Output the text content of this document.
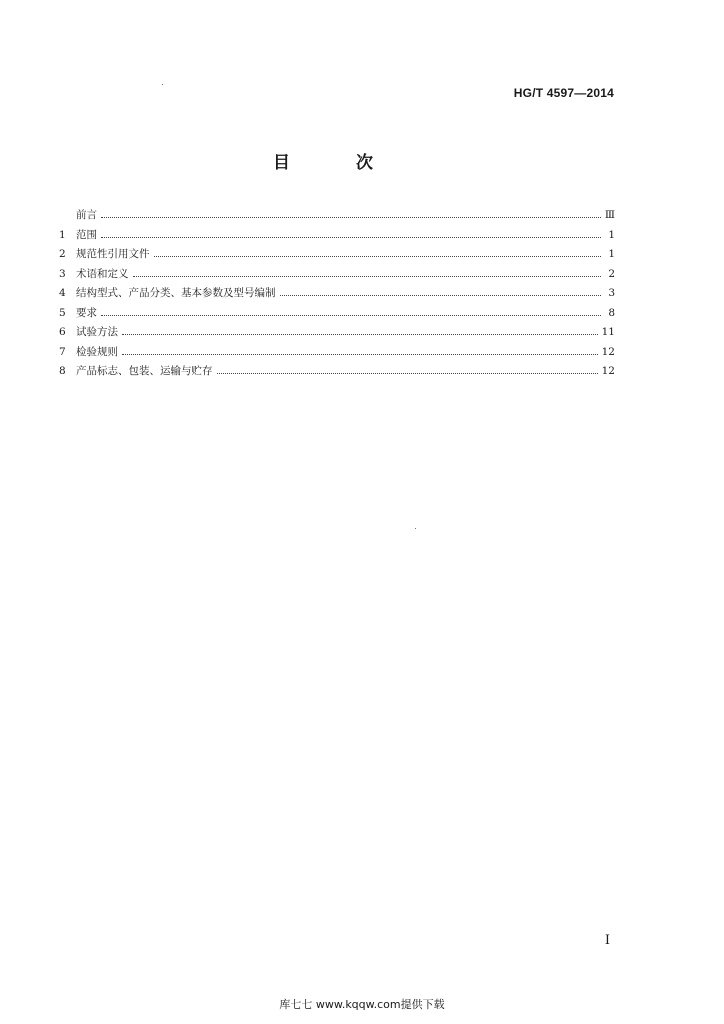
HG/T 4597—2014
目 次
前言	Ⅲ
1 范围	1
2 规范性引用文件	1
3 术语和定义	2
4 结构型式、产品分类、基本参数及型号编制	3
5 要求	8
6 试验方法	11
7 检验规则	12
8 产品标志、包装、运输与贮存	12
I
库七七 www.kqqw.com提供下载
